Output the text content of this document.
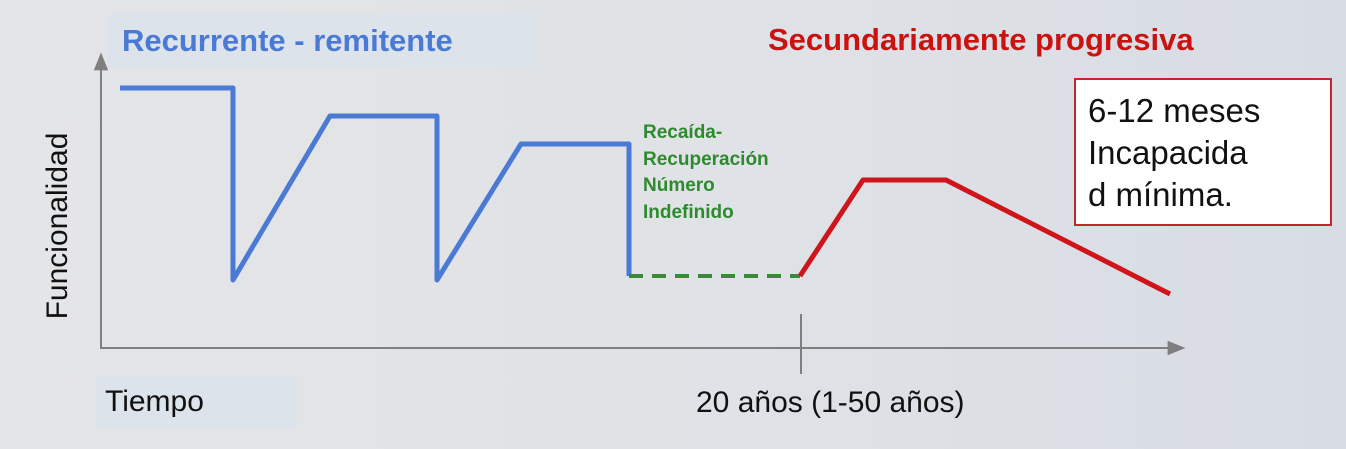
Recurrente - remitente	Secundariamente progresiva
Funcionalidad
Tiempo	20 años (1-50 años)
Recaída-
Recuperación
Número
Indefinido
6-12 meses
Incapacida
d mínima.
